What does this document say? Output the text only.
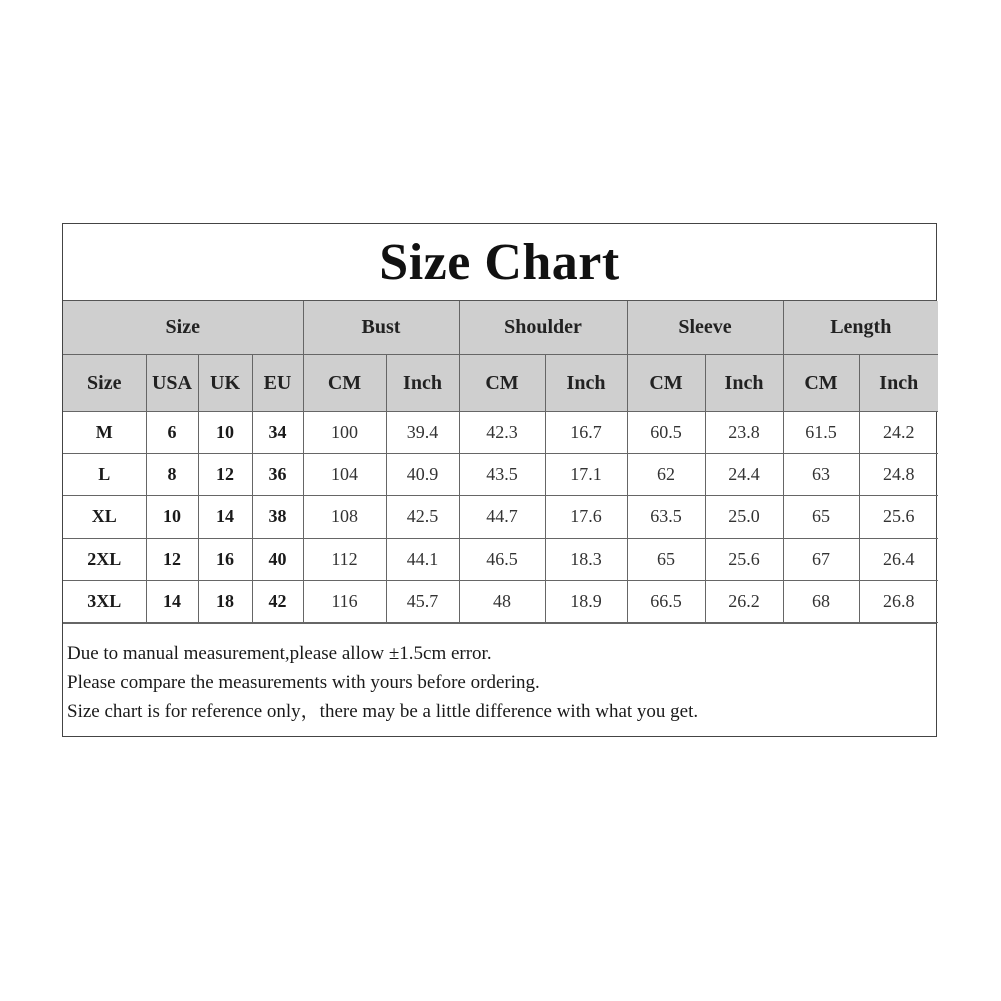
Size Chart
Size				Bust		Shoulder		Sleeve		Length	
Size	USA	UK	EU	CM	Inch	CM	Inch	CM	Inch	CM	Inch
M	6	10	34	100	39.4	42.3	16.7	60.5	23.8	61.5	24.2
L	8	12	36	104	40.9	43.5	17.1	62	24.4	63	24.8
XL	10	14	38	108	42.5	44.7	17.6	63.5	25.0	65	25.6
2XL	12	16	40	112	44.1	46.5	18.3	65	25.6	67	26.4
3XL	14	18	42	116	45.7	48	18.9	66.5	26.2	68	26.8
Due to manual measurement,please allow ±1.5cm error.
Please compare the measurements with yours before ordering.
Size chart is for reference only，there may be a little difference with what you get.
